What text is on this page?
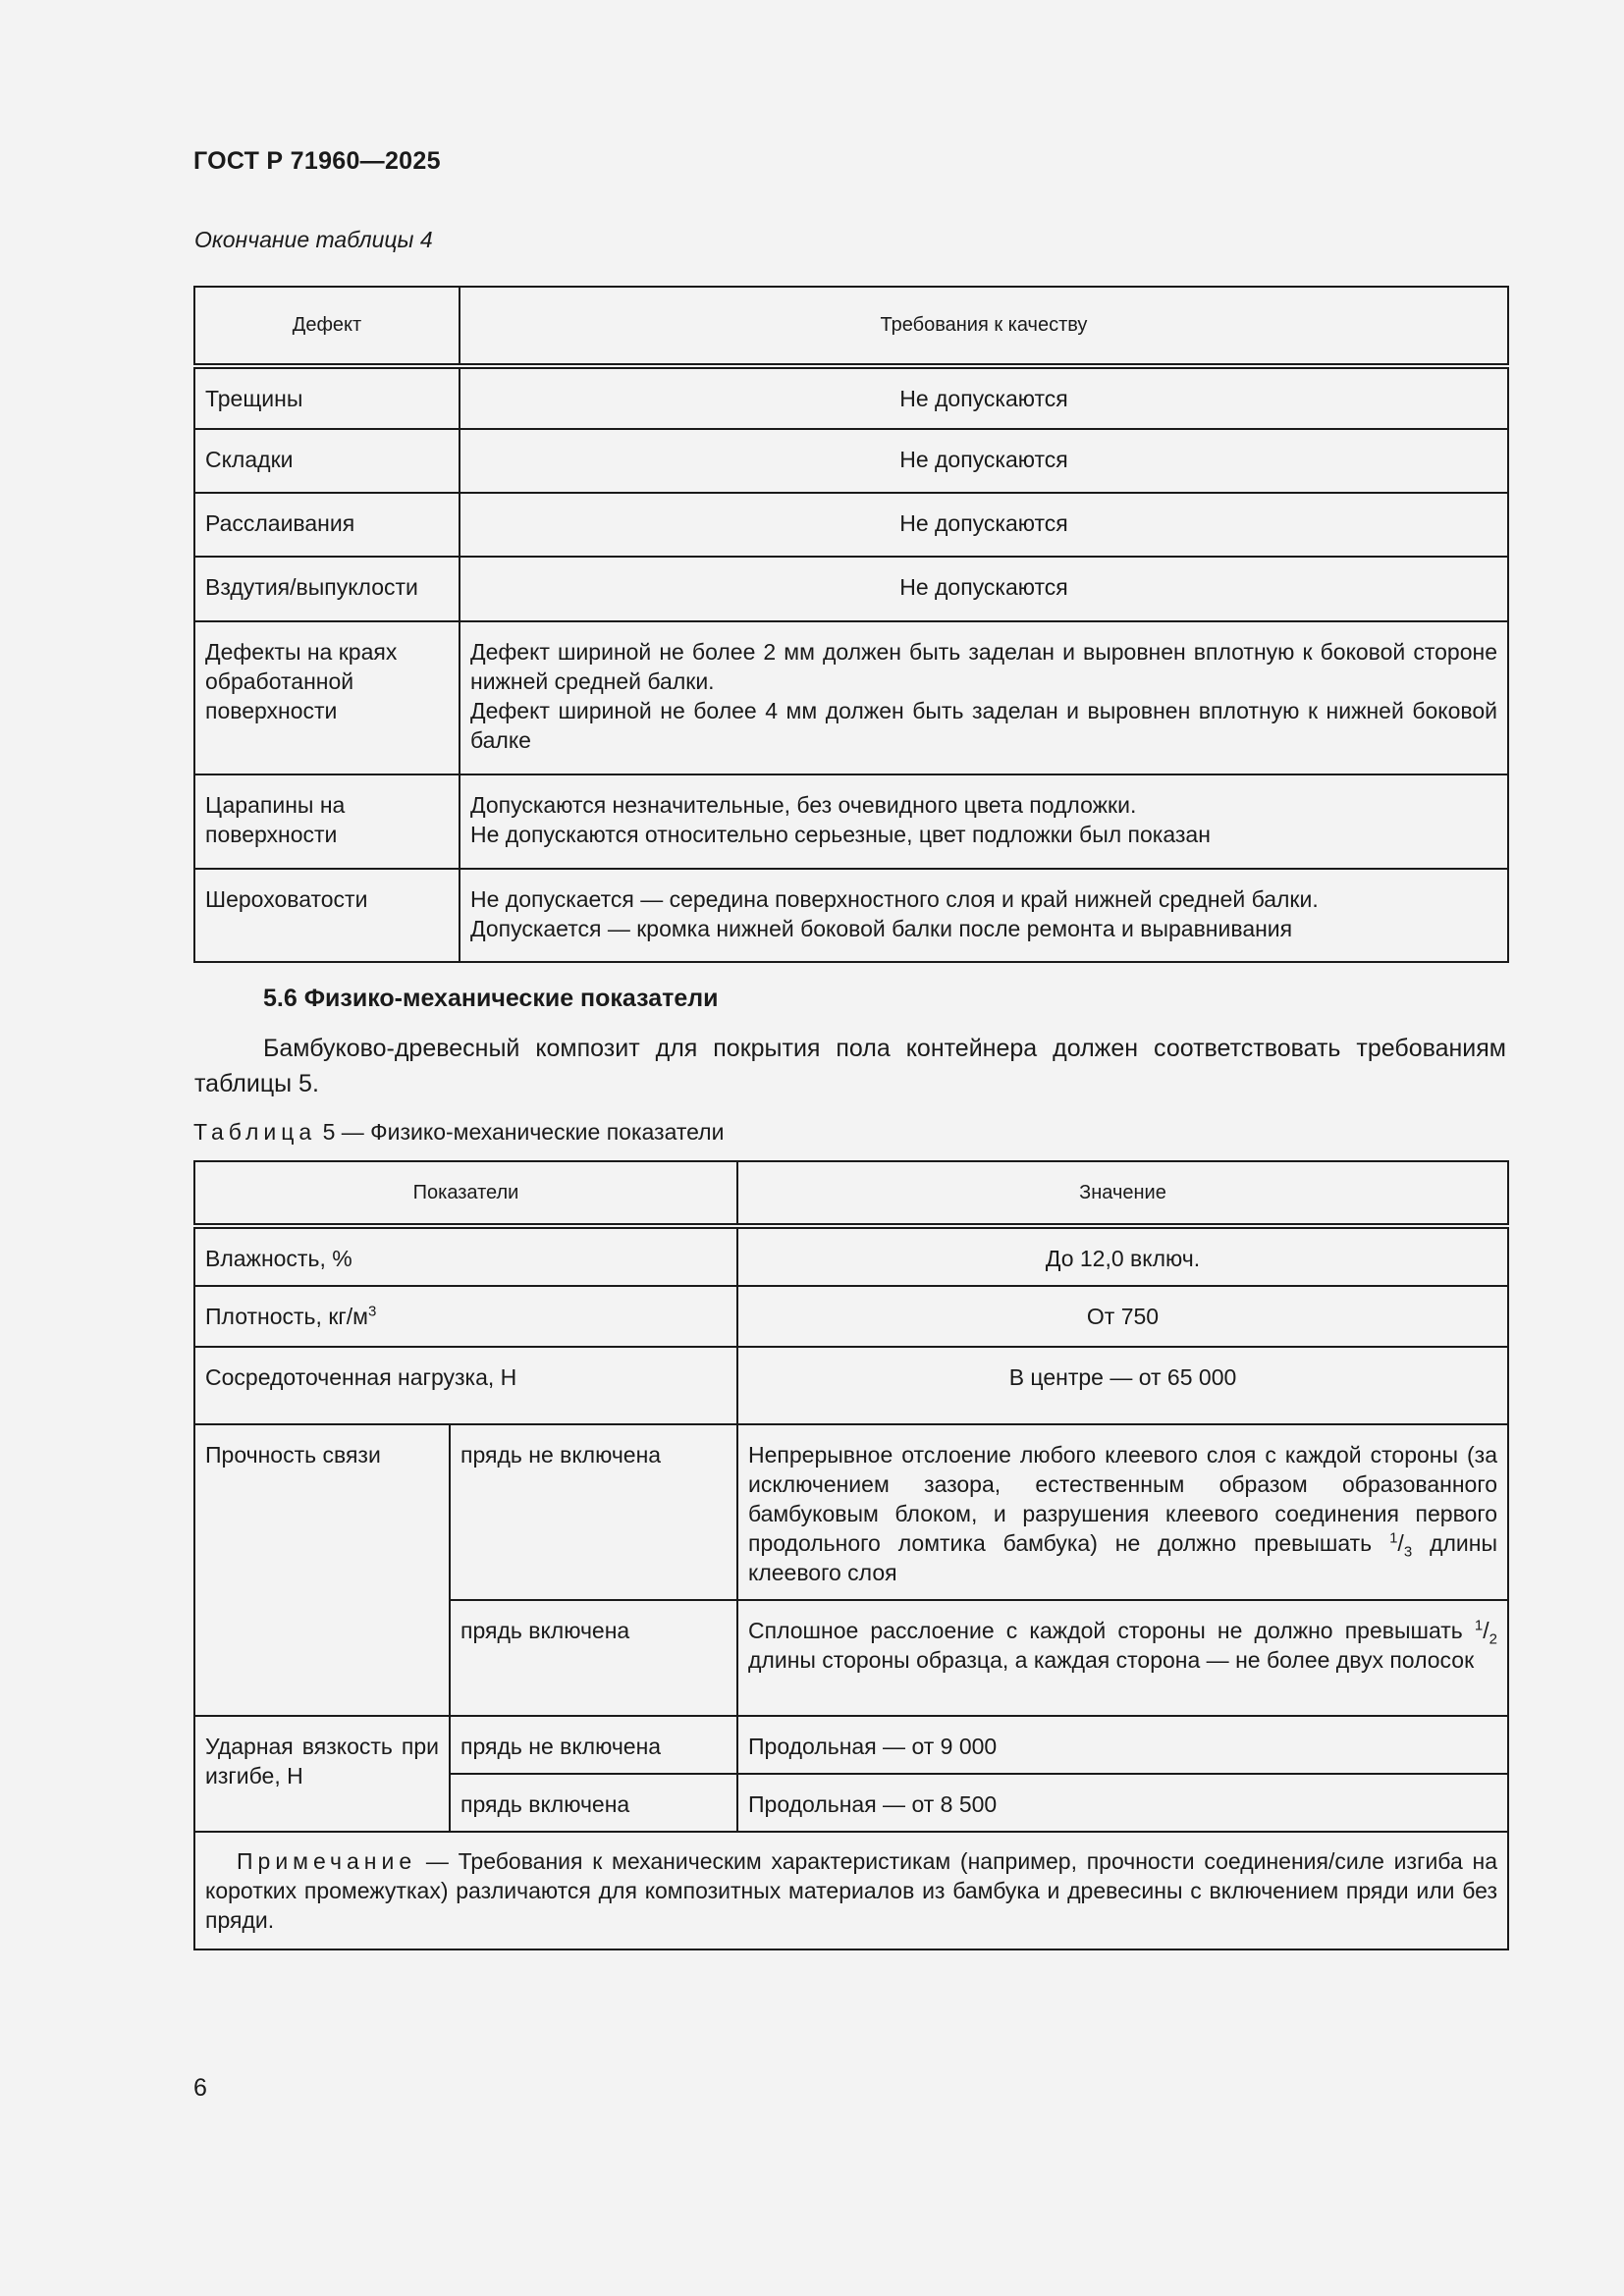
ГОСТ Р 71960—2025
Окончание таблицы 4
Дефект	Требования к качеству
Трещины	Не допускаются
Складки	Не допускаются
Расслаивания	Не допускаются
Вздутия/выпуклости	Не допускаются
Дефекты на краях обработанной поверхности	Дефект шириной не более 2 мм должен быть заделан и выровнен вплотную к боковой стороне нижней средней балки.
Дефект шириной не более 4 мм должен быть заделан и выровнен вплотную к нижней боковой балке

Царапины на поверхности	Допускаются незначительные, без очевидного цвета подложки.
Не допускаются относительно серьезные, цвет подложки был показан

Шероховатости	Не допускается — середина поверхностного слоя и край нижней средней балки.
Допускается — кромка нижней боковой балки после ремонта и выравнивания
5.6 Физико-механические показатели
Бамбуково-древесный композит для покрытия пола контейнера должен соответствовать требованиям таблицы 5.
Таблица 5 — Физико-механические показатели
Показатели		Значение
Влажность, %		До 12,0 включ.
Плотность, $кг/м^3$		От 750
Сосредоточенная нагрузка, Н		В центре — от 65 000
Прочность связи	прядь не включена	Непрерывное отслоение любого клеевого слоя с каждой стороны (за исключением зазора, естественным образом образованного бамбуковым блоком, и разрушения клеевого соединения первого продольного ломтика бамбука) не должно превышать $^1/_3$ длины клеевого слоя
	прядь включена	Сплошное расслоение с каждой стороны не должно превышать $^1/_2$ длины стороны образца, а каждая сторона — не более двух полосок
Ударная вязкость при изгибе, Н	прядь не включена	Продольная — от 9 000
	прядь включена	Продольная — от 8 500
Примечание — Требования к механическим характеристикам (например, прочности соединения/силе изгиба на коротких промежутках) различаются для композитных материалов из бамбука и древесины с включением пряди или без пряди.		
6
